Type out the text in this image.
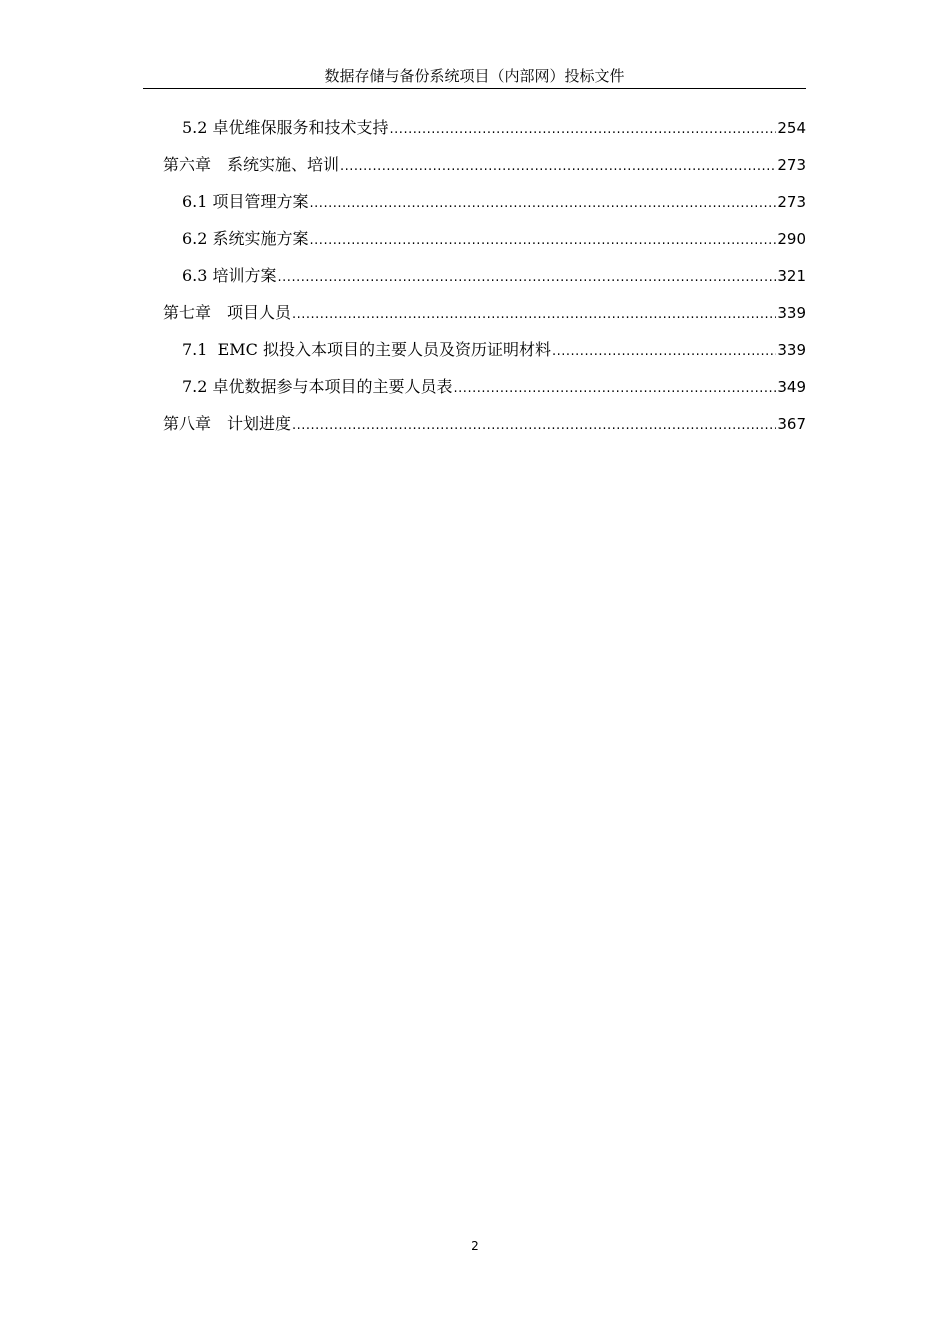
数据存储与备份系统项目（内部网）投标文件
5.2 卓优维保服务和技术支持 .....	254
第六章　系统实施、培训 .....	273
6.1 项目管理方案 .....	273
6.2 系统实施方案 .....	290
6.3 培训方案 .....	321
第七章　项目人员 .....	339
7.1  EMC 拟投入本项目的主要人员及资历证明材料 .....	339
7.2 卓优数据参与本项目的主要人员表 .....	349
第八章　计划进度 .....	367
2
